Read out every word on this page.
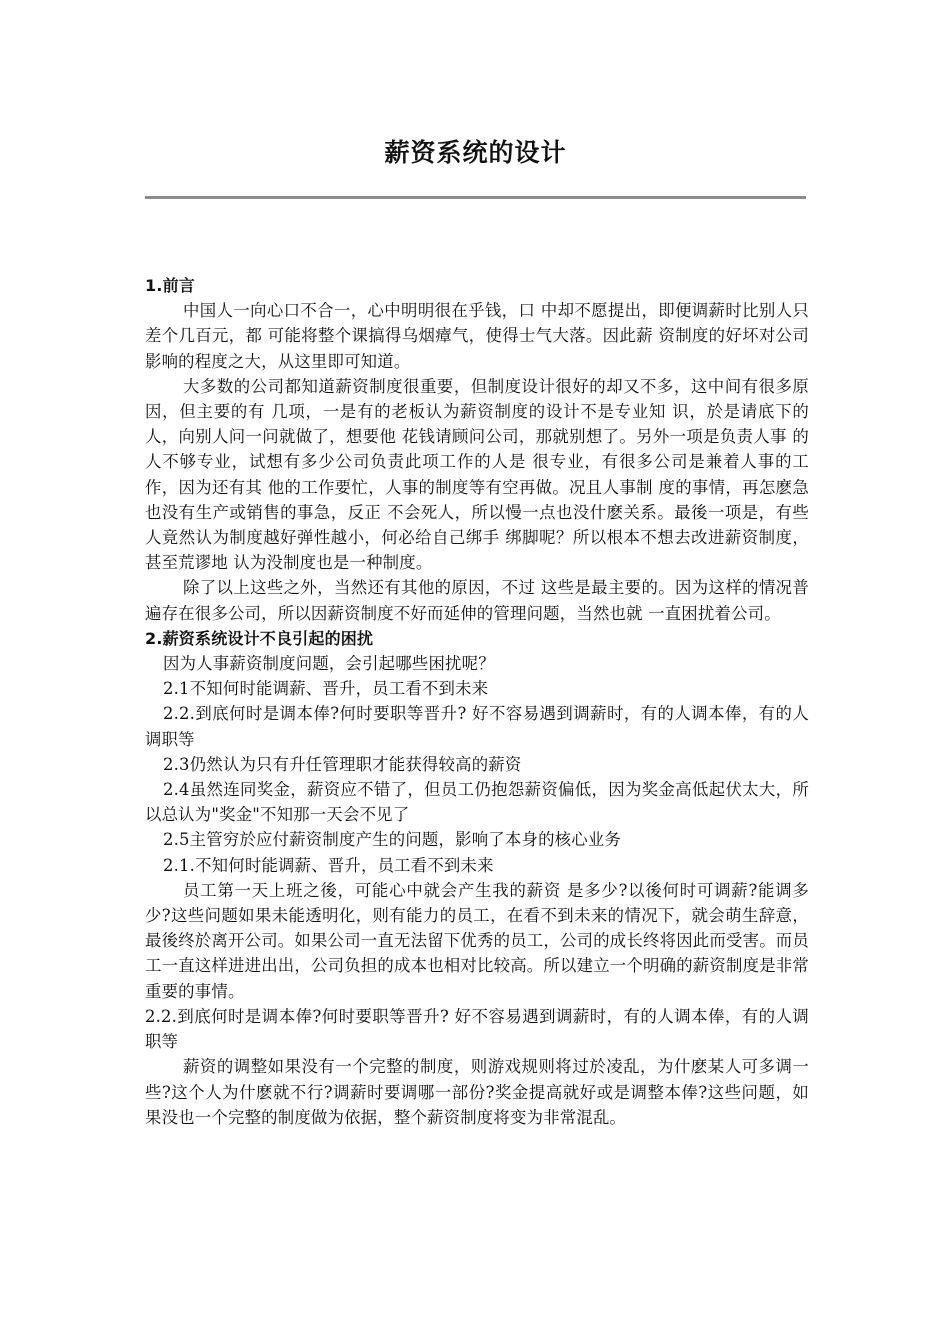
薪资系统的设计

1.前言

中国人一向心口不合一，心中明明很在乎钱，口 中却不愿提出，即便调薪时比别人只差个几百元，都 可能将整个课搞得乌烟瘴气，使得士气大落。因此薪 资制度的好坏对公司影响的程度之大，从这里即可知道。

大多数的公司都知道薪资制度很重要，但制度设计很好的却又不多，这中间有很多原因，但主要的有 几项，一是有的老板认为薪资制度的设计不是专业知 识，於是请底下的人，向别人问一问就做了，想要他 花钱请顾问公司，那就别想了。另外一项是负责人事 的人不够专业，试想有多少公司负责此项工作的人是 很专业，有很多公司是兼着人事的工作，因为还有其 他的工作要忙，人事的制度等有空再做。况且人事制 度的事情，再怎麽急也没有生产或销售的事急，反正 不会死人，所以慢一点也没什麽关系。最後一项是，有些人竟然认为制度越好弹性越小，何必给自己绑手 绑脚呢？所以根本不想去改进薪资制度，甚至荒谬地 认为没制度也是一种制度。

除了以上这些之外，当然还有其他的原因，不过 这些是最主要的。因为这样的情况普遍存在很多公司，所以因薪资制度不好而延伸的管理问题，当然也就 一直困扰着公司。

2.薪资系统设计不良引起的困扰

因为人事薪资制度问题，会引起哪些困扰呢？

2.1不知何时能调薪、晋升，员工看不到未来

2.2.到底何时是调本俸?何时要职等晋升? 好不容易遇到调薪时，有的人调本俸，有的人调职等

2.3仍然认为只有升任管理职才能获得较高的薪资

2.4虽然连同奖金，薪资应不错了，但员工仍抱怨薪资偏低，因为奖金高低起伏太大，所以总认为"奖金"不知那一天会不见了

2.5主管穷於应付薪资制度产生的问题，影响了本身的核心业务

2.1.不知何时能调薪、晋升，员工看不到未来

员工第一天上班之後，可能心中就会产生我的薪资 是多少?以後何时可调薪?能调多少?这些问题如果未能透明化，则有能力的员工，在看不到未来的情况下，就会萌生辞意，最後终於离开公司。如果公司一直无法留下优秀的员工，公司的成长终将因此而受害。而员工一直这样进进出出，公司负担的成本也相对比较高。所以建立一个明确的薪资制度是非常重要的事情。

2.2.到底何时是调本俸?何时要职等晋升? 好不容易遇到调薪时，有的人调本俸，有的人调职等

薪资的调整如果没有一个完整的制度，则游戏规则将过於凌乱，为什麽某人可多调一些?这个人为什麽就不行?调薪时要调哪一部份?奖金提高就好或是调整本俸?这些问题，如果没也一个完整的制度做为依据，整个薪资制度将变为非常混乱。
